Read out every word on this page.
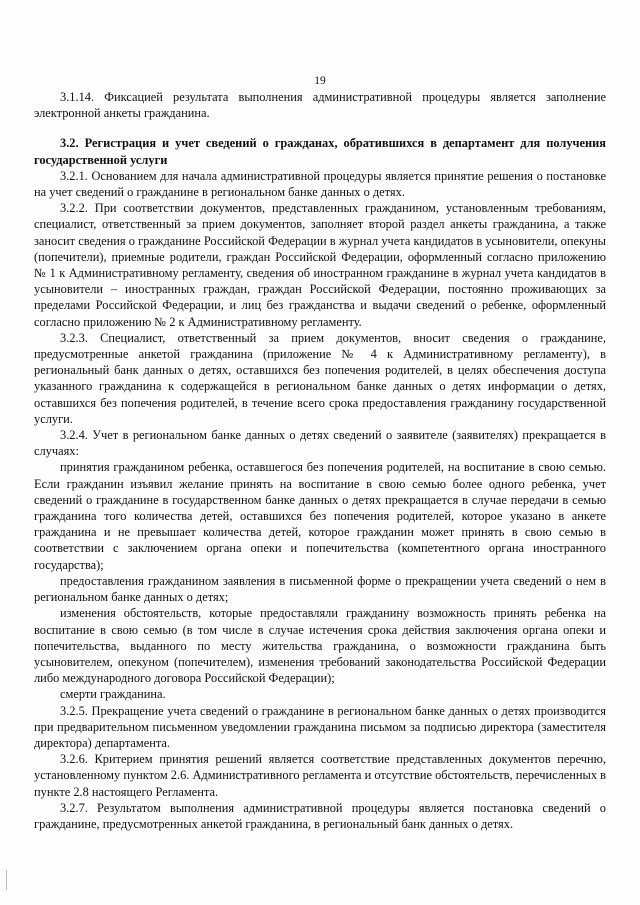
19

3.1.14. Фиксацией результата выполнения административной процедуры является заполнение электронной анкеты гражданина.

3.2. Регистрация и учет сведений о гражданах, обратившихся в департамент для получения государственной услуги

3.2.1. Основанием для начала административной процедуры является принятие решения о постановке на учет сведений о гражданине в региональном банке данных о детях.

3.2.2. При соответствии документов, представленных гражданином, установленным требованиям, специалист, ответственный за прием документов, заполняет второй раздел анкеты гражданина, а также заносит сведения о гражданине Российской Федерации в журнал учета кандидатов в усыновители, опекуны (попечители), приемные родители, граждан Российской Федерации, оформленный согласно приложению № 1 к Административному регламенту, сведения об иностранном гражданине в журнал учета кандидатов в усыновители – иностранных граждан, граждан Российской Федерации, постоянно проживающих за пределами Российской Федерации, и лиц без гражданства и выдачи сведений о ребенке, оформленный согласно приложению № 2 к Административному регламенту.

3.2.3. Специалист, ответственный за прием документов, вносит сведения о гражданине, предусмотренные анкетой гражданина (приложение № 4 к Административному регламенту), в региональный банк данных о детях, оставшихся без попечения родителей, в целях обеспечения доступа указанного гражданина к содержащейся в региональном банке данных о детях информации о детях, оставшихся без попечения родителей, в течение всего срока предоставления гражданину государственной услуги.

3.2.4. Учет в региональном банке данных о детях сведений о заявителе (заявителях) прекращается в случаях:

принятия гражданином ребенка, оставшегося без попечения родителей, на воспитание в свою семью. Если гражданин изъявил желание принять на воспитание в свою семью более одного ребенка, учет сведений о гражданине в государственном банке данных о детях прекращается в случае передачи в семью гражданина того количества детей, оставшихся без попечения родителей, которое указано в анкете гражданина и не превышает количества детей, которое гражданин может принять в свою семью в соответствии с заключением органа опеки и попечительства (компетентного органа иностранного государства);

предоставления гражданином заявления в письменной форме о прекращении учета сведений о нем в региональном банке данных о детях;

изменения обстоятельств, которые предоставляли гражданину возможность принять ребенка на воспитание в свою семью (в том числе в случае истечения срока действия заключения органа опеки и попечительства, выданного по месту жительства гражданина, о возможности гражданина быть усыновителем, опекуном (попечителем), изменения требований законодательства Российской Федерации либо международного договора Российской Федерации);

смерти гражданина.

3.2.5. Прекращение учета сведений о гражданине в региональном банке данных о детях производится при предварительном письменном уведомлении гражданина письмом за подписью директора (заместителя директора) департамента.

3.2.6. Критерием принятия решений является соответствие представленных документов перечню, установленному пунктом 2.6. Административного регламента и отсутствие обстоятельств, перечисленных в пункте 2.8 настоящего Регламента.

3.2.7. Результатом выполнения административной процедуры является постановка сведений о гражданине, предусмотренных анкетой гражданина, в региональный банк данных о детях.
